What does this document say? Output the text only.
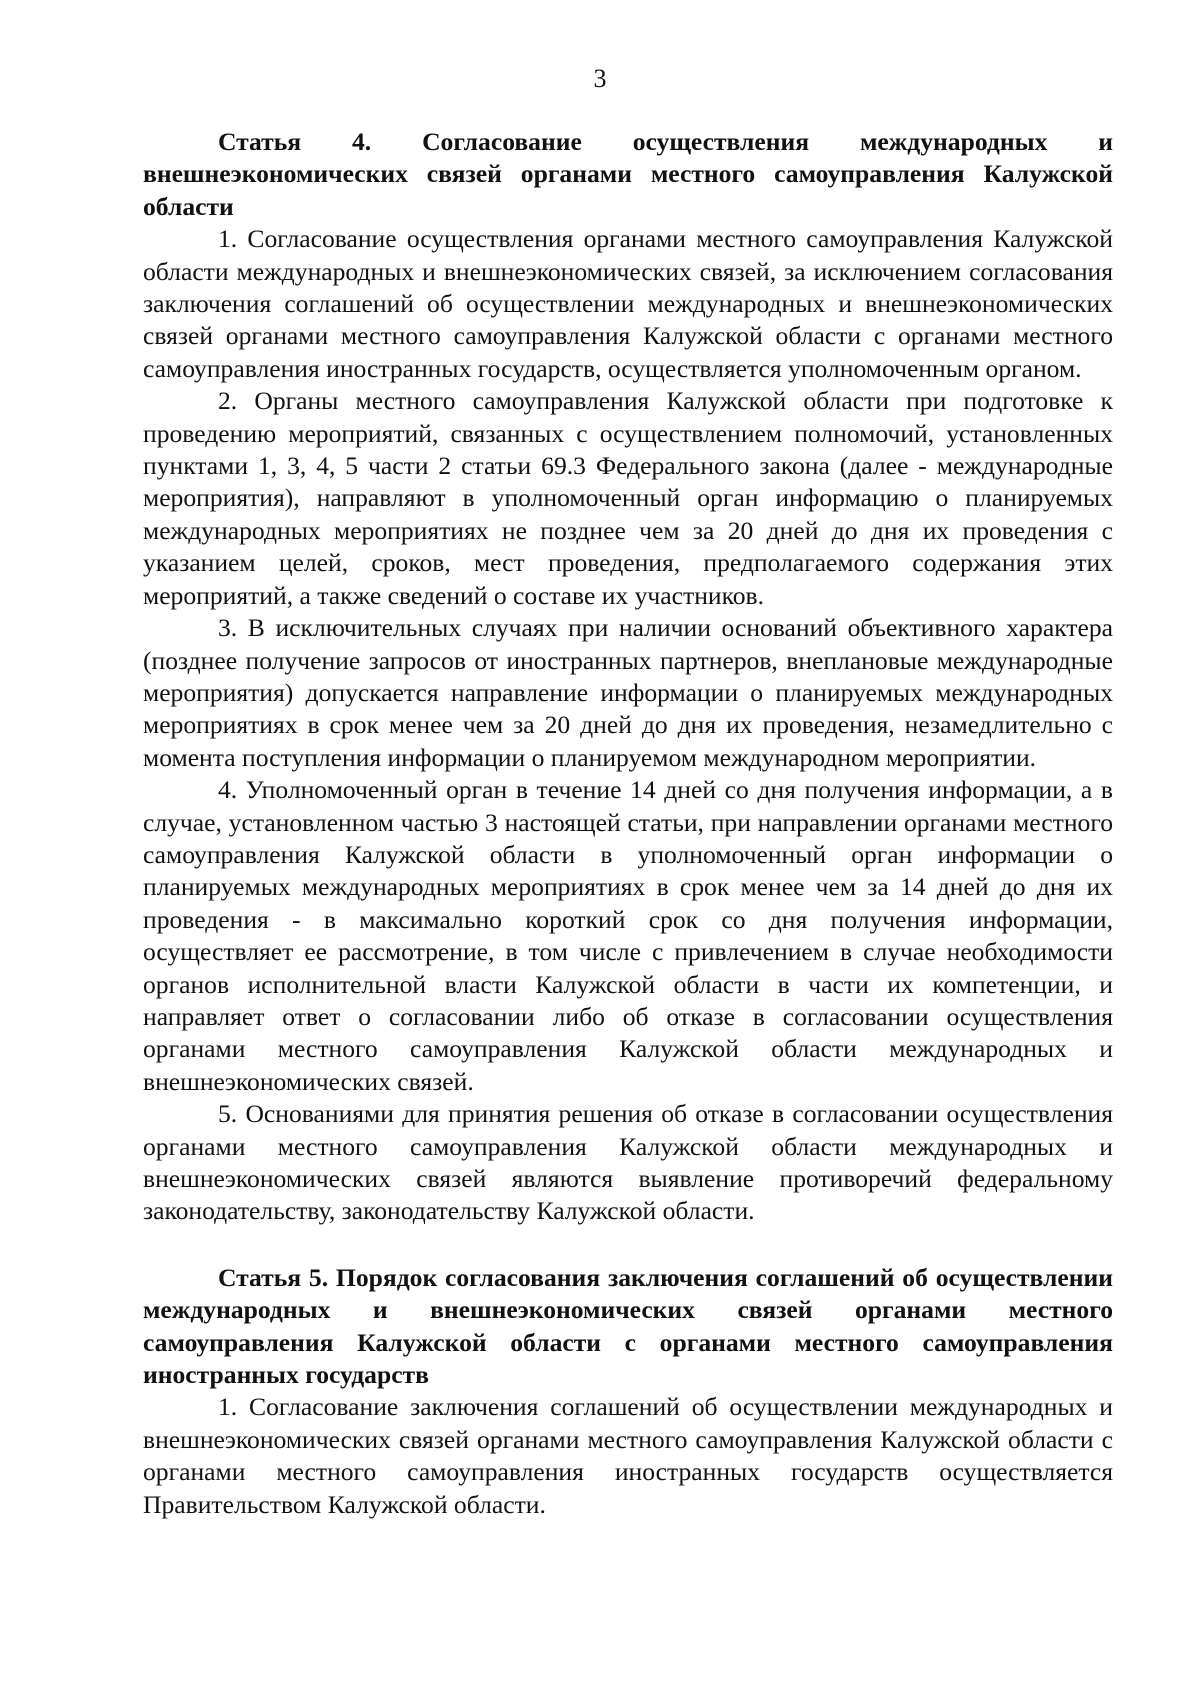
3

Статья 4. Согласование осуществления международных и внешнеэкономических связей органами местного самоуправления Калужской области

1. Согласование осуществления органами местного самоуправления Калужской области международных и внешнеэкономических связей, за исключением согласования заключения соглашений об осуществлении международных и внешнеэкономических связей органами местного самоуправления Калужской области с органами местного самоуправления иностранных государств, осуществляется уполномоченным органом.

2. Органы местного самоуправления Калужской области при подготовке к проведению мероприятий, связанных с осуществлением полномочий, установленных пунктами 1, 3, 4, 5 части 2 статьи 69.3 Федерального закона (далее - международные мероприятия), направляют в уполномоченный орган информацию о планируемых международных мероприятиях не позднее чем за 20 дней до дня их проведения с указанием целей, сроков, мест проведения, предполагаемого содержания этих мероприятий, а также сведений о составе их участников.

3. В исключительных случаях при наличии оснований объективного характера (позднее получение запросов от иностранных партнеров, внеплановые международные мероприятия) допускается направление информации о планируемых международных мероприятиях в срок менее чем за 20 дней до дня их проведения, незамедлительно с момента поступления информации о планируемом международном мероприятии.

4. Уполномоченный орган в течение 14 дней со дня получения информации, а в случае, установленном частью 3 настоящей статьи, при направлении органами местного самоуправления Калужской области в уполномоченный орган информации о планируемых международных мероприятиях в срок менее чем за 14 дней до дня их проведения - в максимально короткий срок со дня получения информации, осуществляет ее рассмотрение, в том числе с привлечением в случае необходимости органов исполнительной власти Калужской области в части их компетенции, и направляет ответ о согласовании либо об отказе в согласовании осуществления органами местного самоуправления Калужской области международных и внешнеэкономических связей.

5. Основаниями для принятия решения об отказе в согласовании осуществления органами местного самоуправления Калужской области международных и внешнеэкономических связей являются выявление противоречий федеральному законодательству, законодательству Калужской области.

Статья 5. Порядок согласования заключения соглашений об осуществлении международных и внешнеэкономических связей органами местного самоуправления Калужской области с органами местного самоуправления иностранных государств

1. Согласование заключения соглашений об осуществлении международных и внешнеэкономических связей органами местного самоуправления Калужской области с органами местного самоуправления иностранных государств осуществляется Правительством Калужской области.
